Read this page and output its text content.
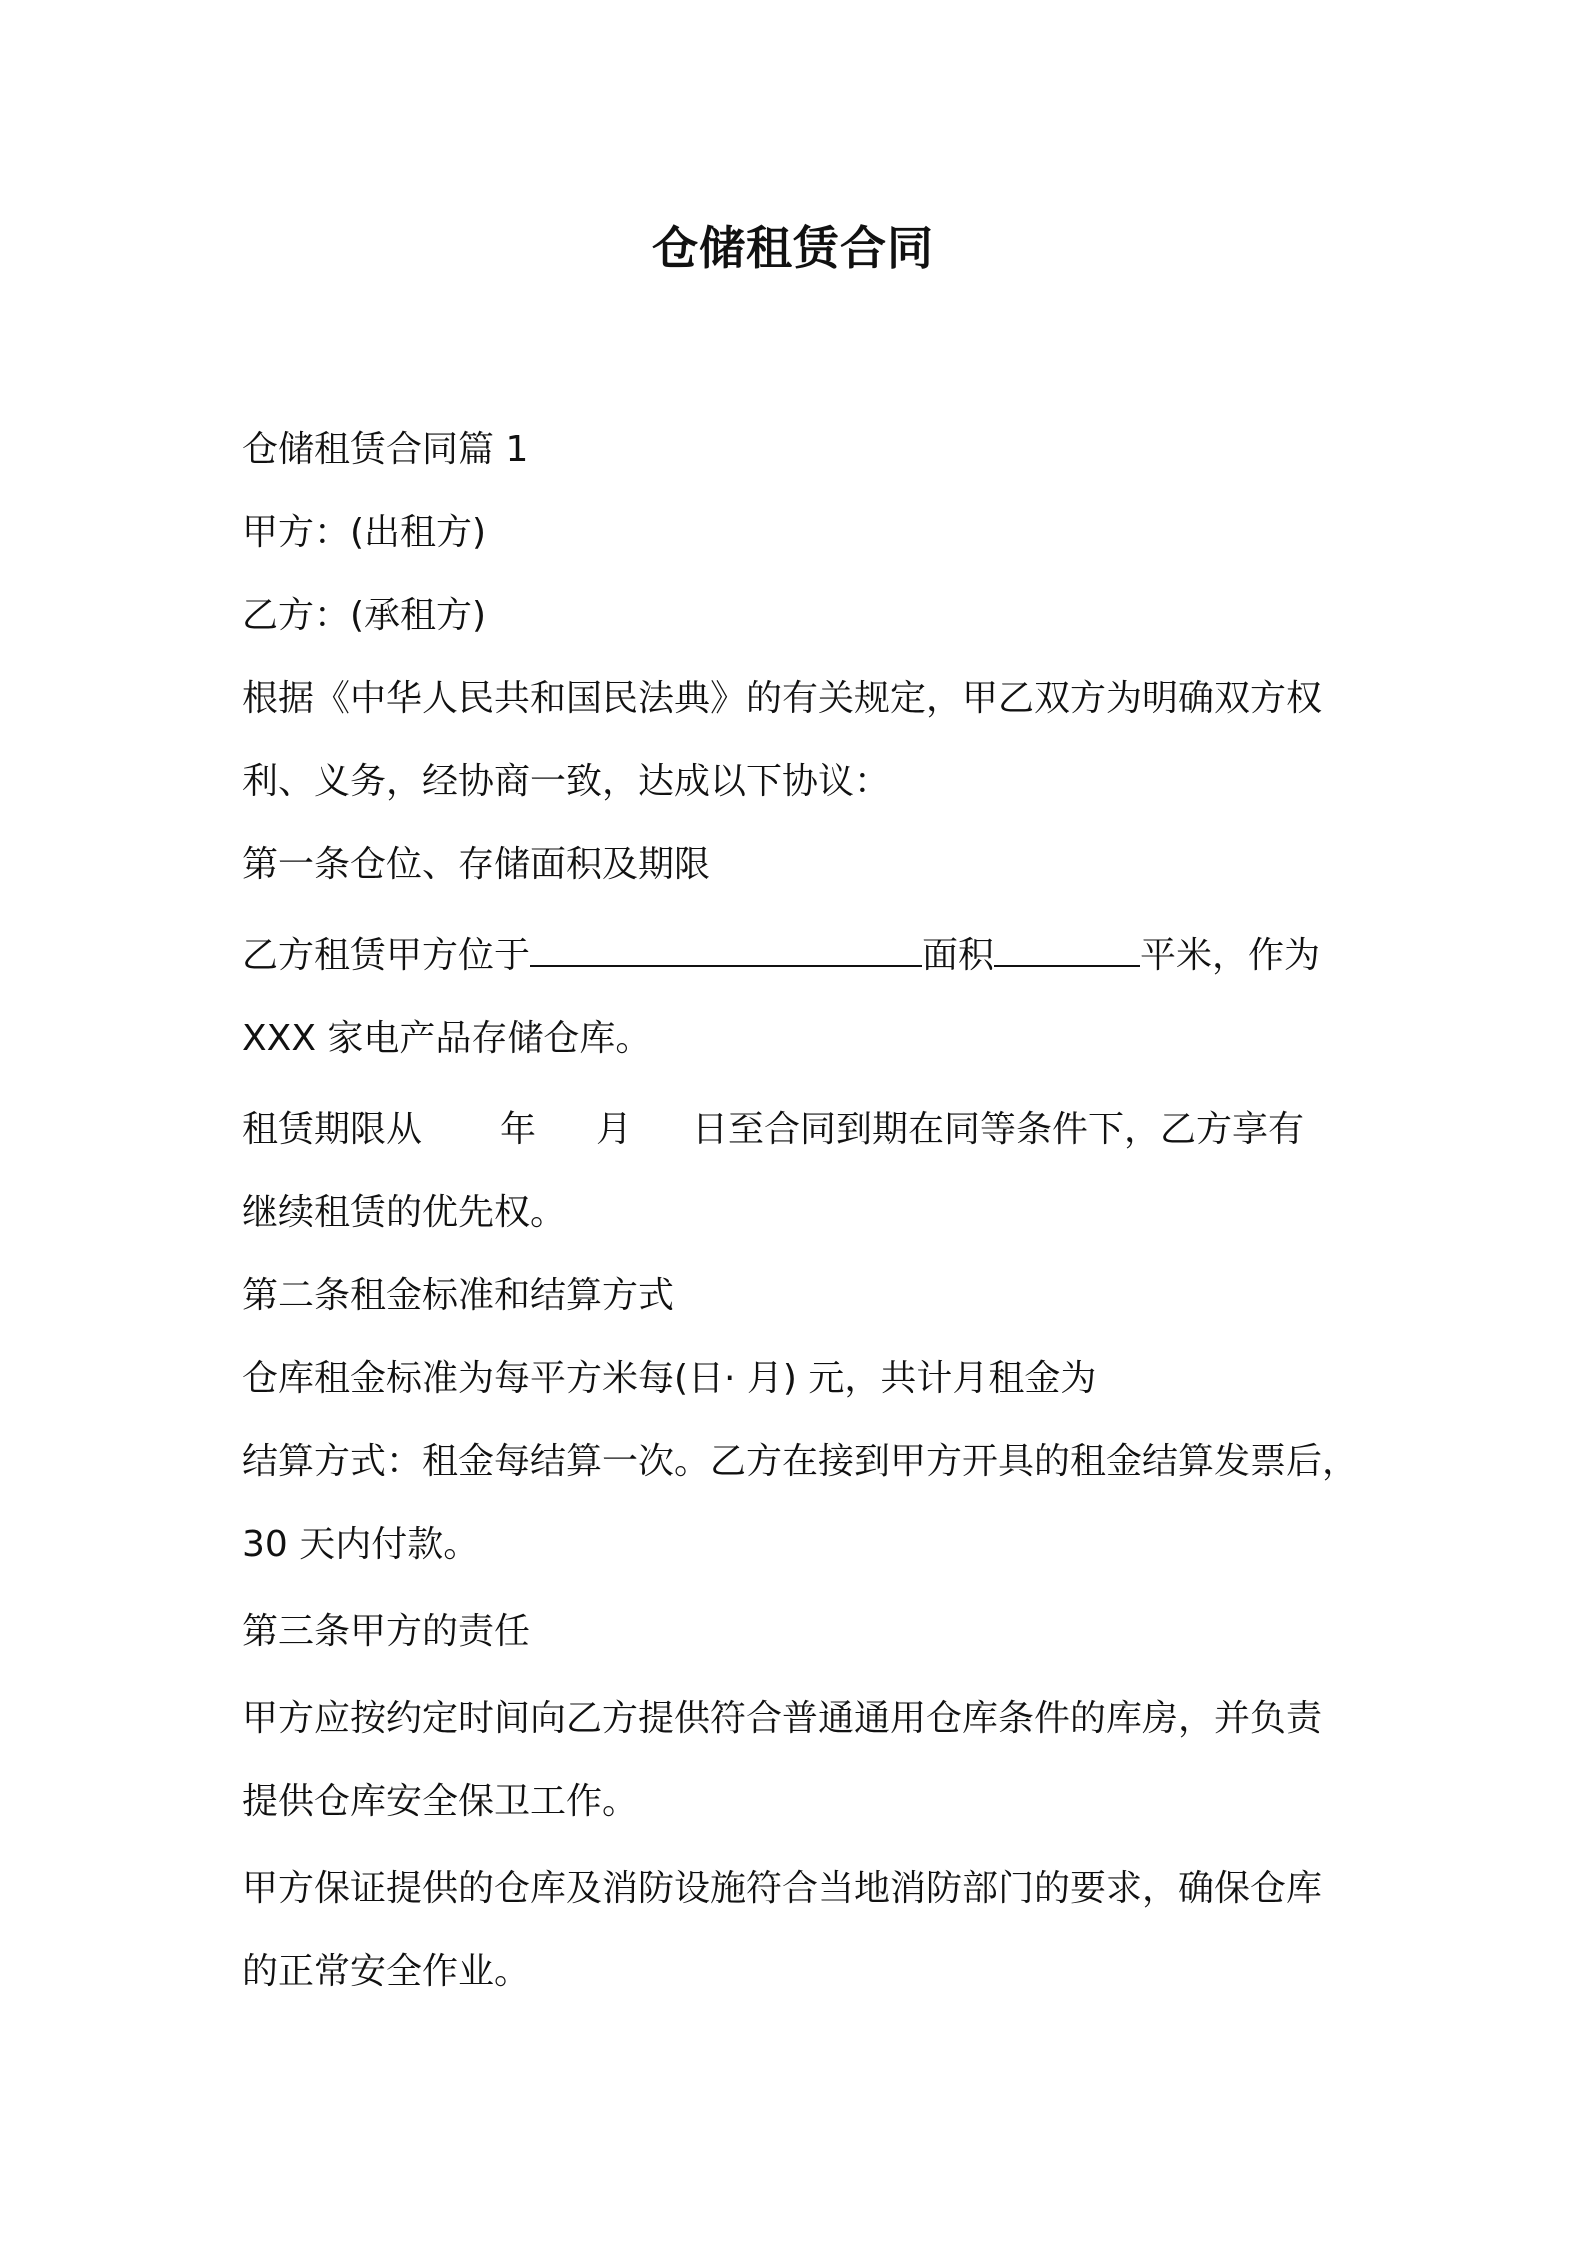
仓储租赁合同
仓储租赁合同篇 1
甲方：(出租方)
乙方：(承租方)
根据《中华人民共和国民法典》的有关规定，甲乙双方为明确双方权
利、义务，经协商一致，达成以下协议：
第一条仓位、存储面积及期限
乙方租赁甲方位于	面积	平米，作为
XXX 家电产品存储仓库。
租赁期限从 年 月 日至合同到期在同等条件下，乙方享有
继续租赁的优先权。
第二条租金标准和结算方式
仓库租金标准为每平方米每(日· 月) 元，共计月租金为
结算方式：租金每结算一次。乙方在接到甲方开具的租金结算发票后，
30 天内付款。
第三条甲方的责任
甲方应按约定时间向乙方提供符合普通通用仓库条件的库房，并负责
提供仓库安全保卫工作。
甲方保证提供的仓库及消防设施符合当地消防部门的要求，确保仓库
的正常安全作业。
